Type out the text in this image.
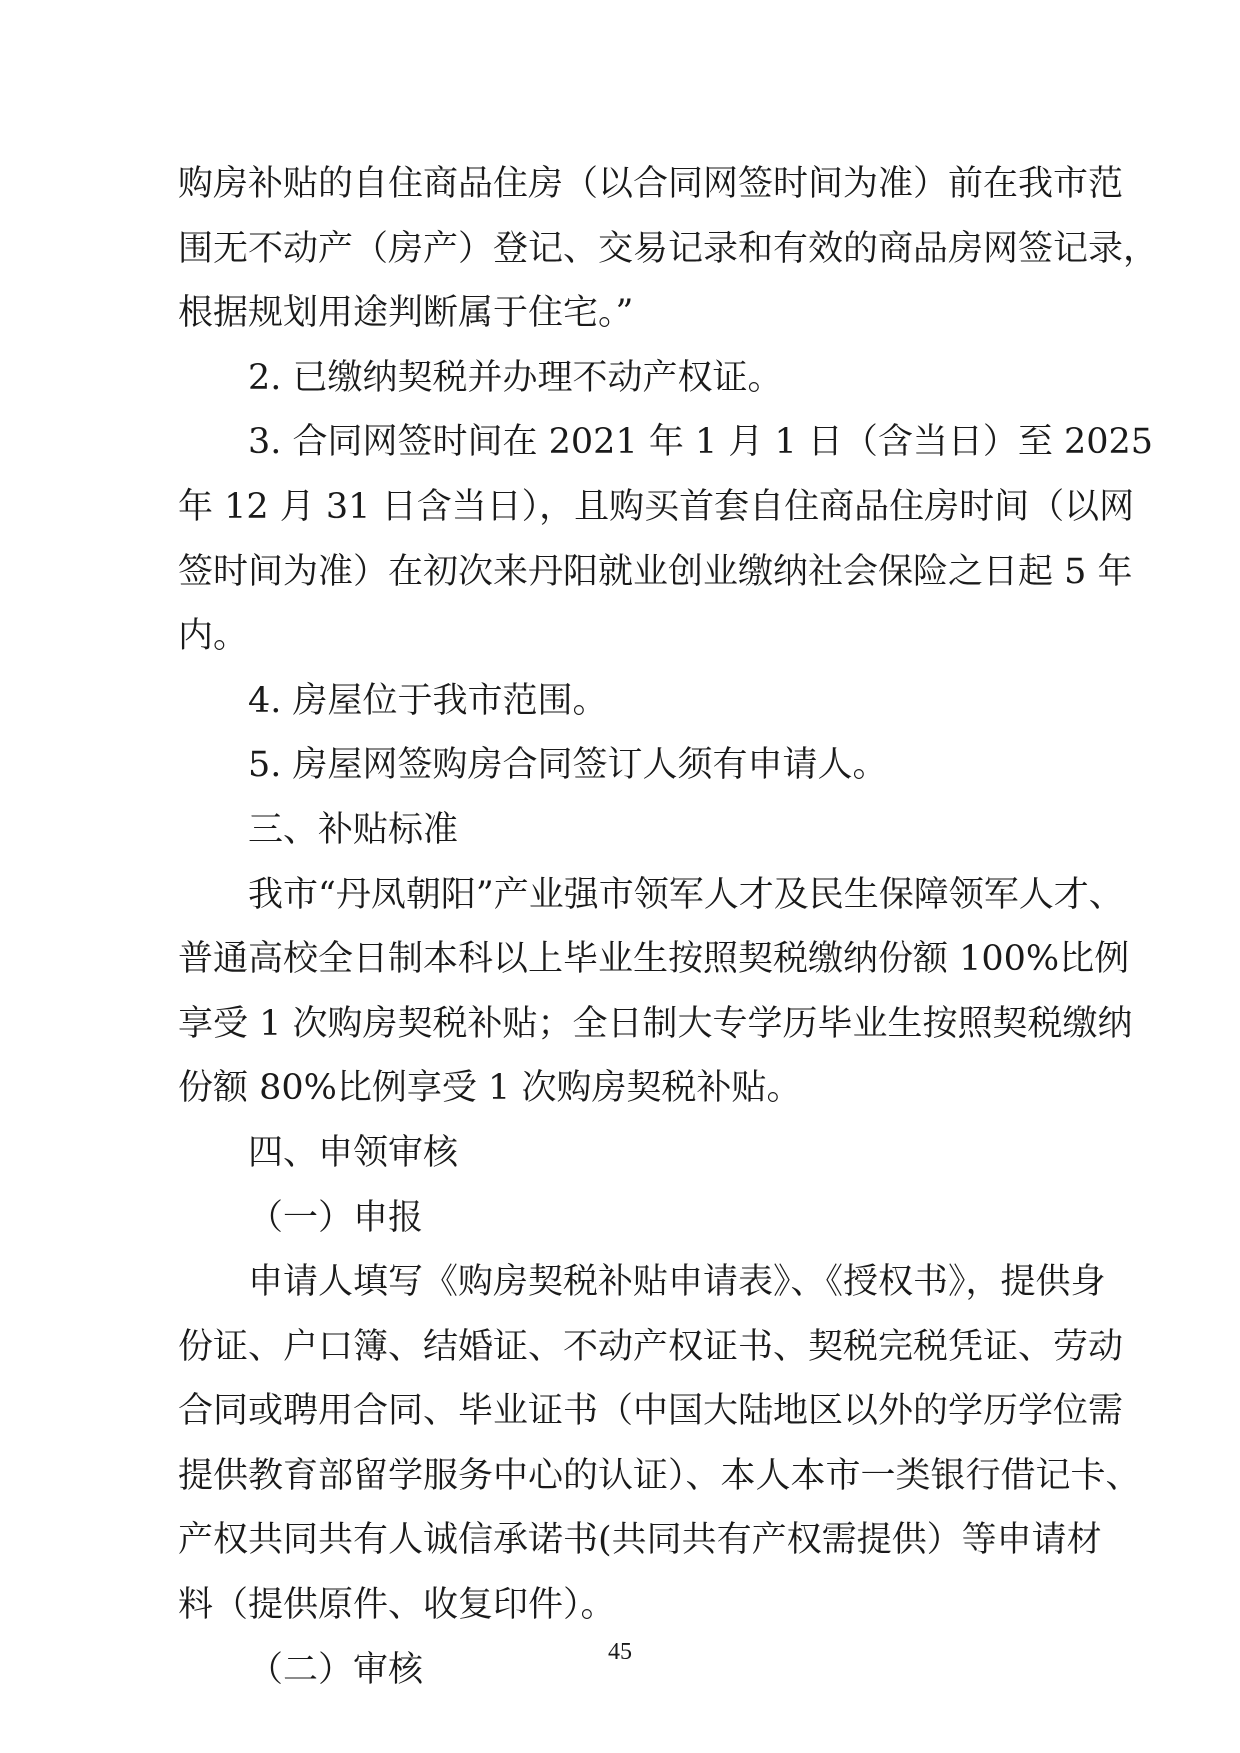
购房补贴的自住商品住房（以合同网签时间为准）前在我市范
围无不动产（房产）登记、交易记录和有效的商品房网签记录，
根据规划用途判断属于住宅。”
2. 已缴纳契税并办理不动产权证。
3. 合同网签时间在 2021 年 1 月 1 日（含当日）至 2025
年 12 月 31 日含当日），且购买首套自住商品住房时间（以网
签时间为准）在初次来丹阳就业创业缴纳社会保险之日起 5 年
内。
4. 房屋位于我市范围。
5. 房屋网签购房合同签订人须有申请人。
三、补贴标准
我市“丹凤朝阳”产业强市领军人才及民生保障领军人才、
普通高校全日制本科以上毕业生按照契税缴纳份额 100%比例
享受 1 次购房契税补贴；全日制大专学历毕业生按照契税缴纳
份额 80%比例享受 1 次购房契税补贴。
四、申领审核
（一）申报
申请人填写《购房契税补贴申请表》、《授权书》，提供身
份证、户口簿、结婚证、不动产权证书、契税完税凭证、劳动
合同或聘用合同、毕业证书（中国大陆地区以外的学历学位需
提供教育部留学服务中心的认证）、本人本市一类银行借记卡、
产权共同共有人诚信承诺书(共同共有产权需提供）等申请材
料（提供原件、收复印件）。
（二）审核	45
